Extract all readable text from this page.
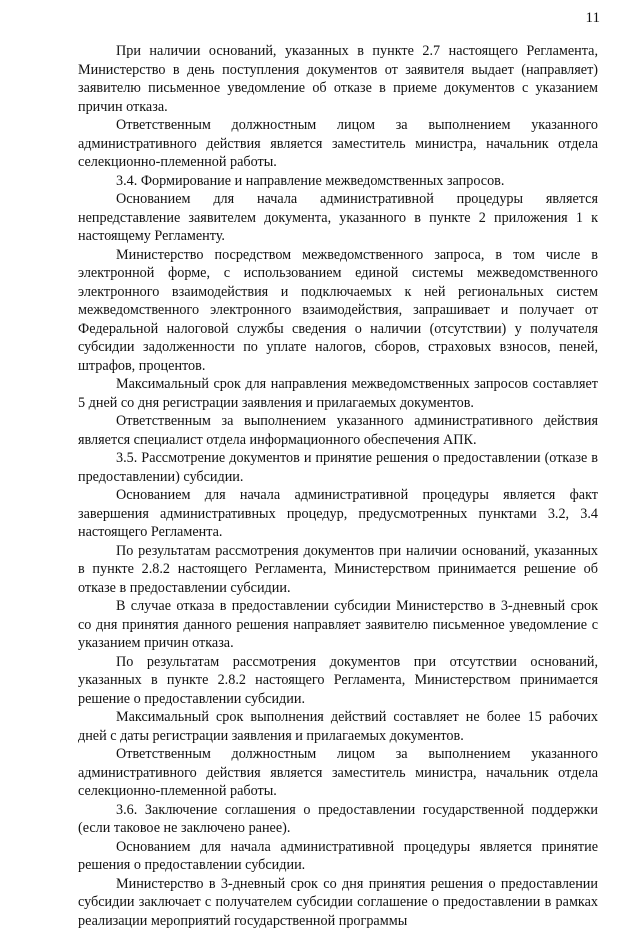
11

При наличии оснований, указанных в пункте 2.7 настоящего Регламента, Министерство в день поступления документов от заявителя выдает (направляет) заявителю письменное уведомление об отказе в приеме документов с указанием причин отказа.

Ответственным должностным лицом за выполнением указанного административного действия является заместитель министра, начальник отдела селекционно-племенной работы.

3.4. Формирование и направление межведомственных запросов.

Основанием для начала административной процедуры является непредставление заявителем документа, указанного в пункте 2 приложения 1 к настоящему Регламенту.

Министерство посредством межведомственного запроса, в том числе в электронной форме, с использованием единой системы межведомственного электронного взаимодействия и подключаемых к ней региональных систем межведомственного электронного взаимодействия, запрашивает и получает от Федеральной налоговой службы сведения о наличии (отсутствии) у получателя субсидии задолженности по уплате налогов, сборов, страховых взносов, пеней, штрафов, процентов.

Максимальный срок для направления межведомственных запросов составляет 5 дней со дня регистрации заявления и прилагаемых документов.

Ответственным за выполнением указанного административного действия является специалист отдела информационного обеспечения АПК.

3.5. Рассмотрение документов и принятие решения о предоставлении (отказе в предоставлении) субсидии.

Основанием для начала административной процедуры является факт завершения административных процедур, предусмотренных пунктами 3.2, 3.4 настоящего Регламента.

По результатам рассмотрения документов при наличии оснований, указанных в пункте 2.8.2 настоящего Регламента, Министерством принимается решение об отказе в предоставлении субсидии.

В случае отказа в предоставлении субсидии Министерство в 3-дневный срок со дня принятия данного решения направляет заявителю письменное уведомление с указанием причин отказа.

По результатам рассмотрения документов при отсутствии оснований, указанных в пункте 2.8.2 настоящего Регламента, Министерством принимается решение о предоставлении субсидии.

Максимальный срок выполнения действий составляет не более 15 рабочих дней с даты регистрации заявления и прилагаемых документов.

Ответственным должностным лицом за выполнением указанного административного действия является заместитель министра, начальник отдела селекционно-племенной работы.

3.6. Заключение соглашения о предоставлении государственной поддержки (если таковое не заключено ранее).

Основанием для начала административной процедуры является принятие решения о предоставлении субсидии.

Министерство в 3-дневный срок со дня принятия решения о предоставлении субсидии заключает с получателем субсидии соглашение о предоставлении в рамках реализации мероприятий государственной программы
